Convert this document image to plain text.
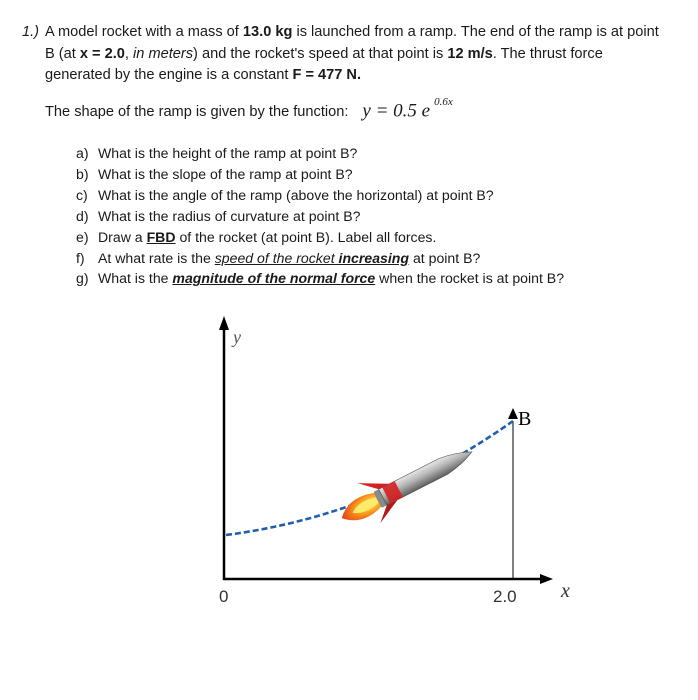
1.) A model rocket with a mass of 13.0 kg is launched from a ramp. The end of the ramp is at point B (at x = 2.0, in meters) and the rocket's speed at that point is 12 m/s. The thrust force generated by the engine is a constant F = 477 N.
The shape of the ramp is given by the function: y = 0.5 e $^{0.6x}$
a) What is the height of the ramp at point B?
b) What is the slope of the ramp at point B?
c) What is the angle of the ramp (above the horizontal) at point B?
d) What is the radius of curvature at point B?
e) Draw a FBD of the rocket (at point B). Label all forces.
f) At what rate is the speed of the rocket increasing at point B?
g) What is the magnitude of the normal force when the rocket is at point B?
y
x
0	2.0
B
